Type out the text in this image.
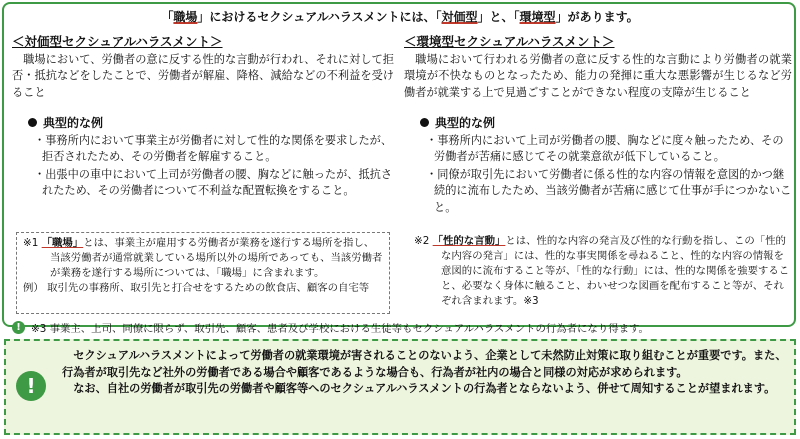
「職場」におけるセクシュアルハラスメントには、「対価型」と、「環境型」があります。
＜対価型セクシュアルハラスメント＞
職場において、労働者の意に反する性的な言動が行われ、それに対して拒否・抵抗などをしたことで、労働者が解雇、降格、減給などの不利益を受けること
典型的な例
・事務所内において事業主が労働者に対して性的な関係を要求したが、拒否されたため、その労働者を解雇すること。
・出張中の車中において上司が労働者の腰、胸などに触ったが、抵抗されたため、その労働者について不利益な配置転換をすること。
＜環境型セクシュアルハラスメント＞
職場において行われる労働者の意に反する性的な言動により労働者の就業環境が不快なものとなったため、能力の発揮に重大な悪影響が生じるなど労働者が就業する上で見過ごすことができない程度の支障が生じること
典型的な例
・事務所内において上司が労働者の腰、胸などに度々触ったため、その労働者が苦痛に感じてその就業意欲が低下していること。
・同僚が取引先において労働者に係る性的な内容の情報を意図的かつ継続的に流布したため、当該労働者が苦痛に感じて仕事が手につかないこと。
※1 「職場」とは、事業主が雇用する労働者が業務を遂行する場所を指し、当該労働者が通常就業している場所以外の場所であっても、当該労働者が業務を遂行する場所については、「職場」に含まれます。
例） 取引先の事務所、取引先と打合せをするための飲食店、顧客の自宅等
※2 「性的な言動」とは、性的な内容の発言及び性的な行動を指し、この「性的な内容の発言」には、性的な事実関係を尋ねること、性的な内容の情報を意図的に流布すること等が、「性的な行動」には、性的な関係を強要すること、必要なく身体に触ること、わいせつな図画を配布すること等が、それぞれ含まれます。※3
! ※3 事業主、上司、同僚に限らず、取引先、顧客、患者及び学校における生徒等もセクシュアルハラスメントの行為者になり得ます。
!

セクシュアルハラスメントによって労働者の就業環境が害されることのないよう、企業として未然防止対策に取り組むことが重要です。また、行為者が取引先など社外の労働者である場合や顧客であるような場合も、行為者が社内の場合と同様の対応が求められます。

なお、自社の労働者が取引先の労働者や顧客等へのセクシュアルハラスメントの行為者とならないよう、併せて周知することが望まれます。
